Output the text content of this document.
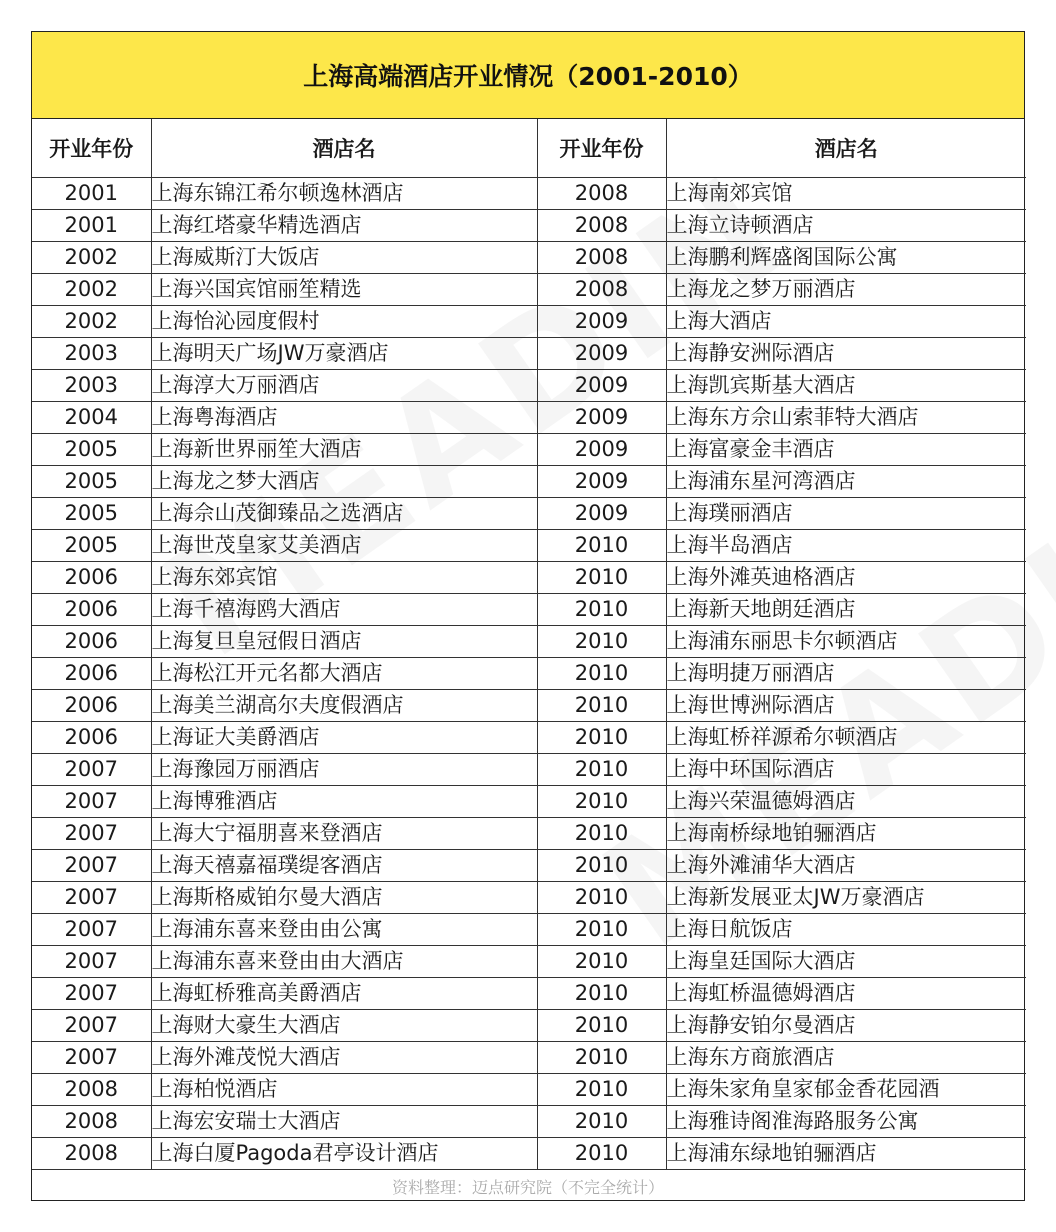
上海高端酒店开业情况（2001-2010）
开业年份	酒店名	开业年份	酒店名
2001	上海东锦江希尔顿逸林酒店	2008	上海南郊宾馆
2001	上海红塔豪华精选酒店	2008	上海立诗顿酒店
2002	上海威斯汀大饭店	2008	上海鹏利辉盛阁国际公寓
2002	上海兴国宾馆丽笙精选	2008	上海龙之梦万丽酒店
2002	上海怡沁园度假村	2009	上海大酒店
2003	上海明天广场JW万豪酒店	2009	上海静安洲际酒店
2003	上海淳大万丽酒店	2009	上海凯宾斯基大酒店
2004	上海粤海酒店	2009	上海东方佘山索菲特大酒店
2005	上海新世界丽笙大酒店	2009	上海富豪金丰酒店
2005	上海龙之梦大酒店	2009	上海浦东星河湾酒店
2005	上海佘山茂御臻品之选酒店	2009	上海璞丽酒店
2005	上海世茂皇家艾美酒店	2010	上海半岛酒店
2006	上海东郊宾馆	2010	上海外滩英迪格酒店
2006	上海千禧海鸥大酒店	2010	上海新天地朗廷酒店
2006	上海复旦皇冠假日酒店	2010	上海浦东丽思卡尔顿酒店
2006	上海松江开元名都大酒店	2010	上海明捷万丽酒店
2006	上海美兰湖高尔夫度假酒店	2010	上海世博洲际酒店
2006	上海证大美爵酒店	2010	上海虹桥祥源希尔顿酒店
2007	上海豫园万丽酒店	2010	上海中环国际酒店
2007	上海博雅酒店	2010	上海兴荣温德姆酒店
2007	上海大宁福朋喜来登酒店	2010	上海南桥绿地铂骊酒店
2007	上海天禧嘉福璞缇客酒店	2010	上海外滩浦华大酒店
2007	上海斯格威铂尔曼大酒店	2010	上海新发展亚太JW万豪酒店
2007	上海浦东喜来登由由公寓	2010	上海日航饭店
2007	上海浦东喜来登由由大酒店	2010	上海皇廷国际大酒店
2007	上海虹桥雅高美爵酒店	2010	上海虹桥温德姆酒店
2007	上海财大豪生大酒店	2010	上海静安铂尔曼酒店
2007	上海外滩茂悦大酒店	2010	上海东方商旅酒店
2008	上海柏悦酒店	2010	上海朱家角皇家郁金香花园酒
2008	上海宏安瑞士大酒店	2010	上海雅诗阁淮海路服务公寓
2008	上海白厦Pagoda君亭设计酒店	2010	上海浦东绿地铂骊酒店
资料整理：迈点研究院（不完全统计）
